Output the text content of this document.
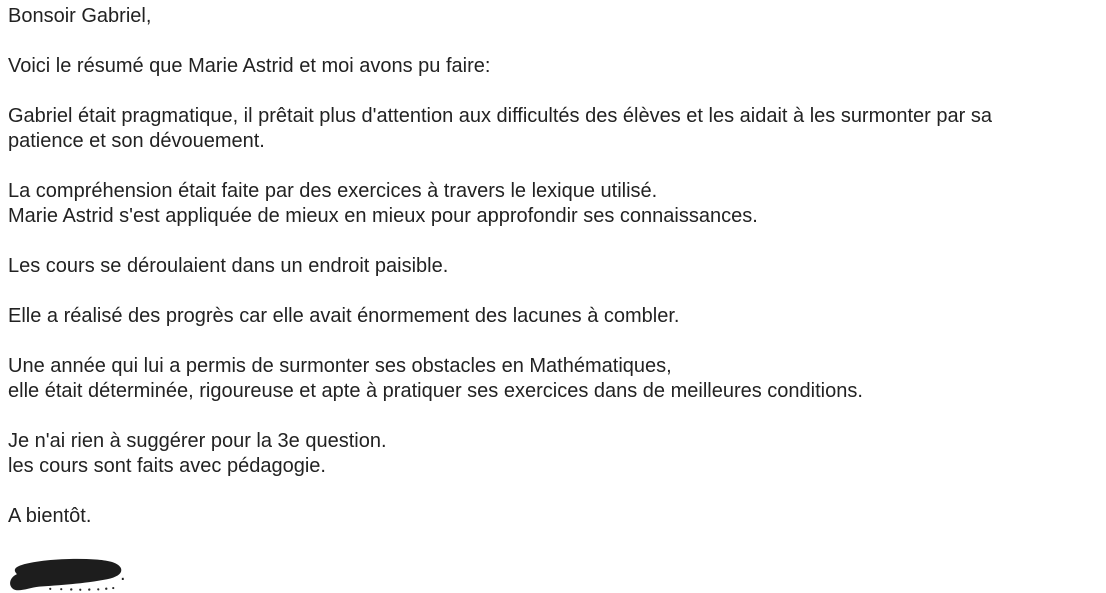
Bonsoir Gabriel,
Voici le résumé que Marie Astrid et moi avons pu faire:
Gabriel était pragmatique, il prêtait plus d'attention aux difficultés des élèves et les aidait à les surmonter par sa
patience et son dévouement.
La compréhension était faite par des exercices à travers le lexique utilisé.
Marie Astrid s'est appliquée de mieux en mieux pour approfondir ses connaissances.
Les cours se déroulaient dans un endroit paisible.
Elle a réalisé des progrès car elle avait énormement des lacunes à combler.
Une année qui lui a permis de surmonter ses obstacles en Mathématiques,
elle était déterminée, rigoureuse et apte à pratiquer ses exercices dans de meilleures conditions.
Je n'ai rien à suggérer pour la 3e question.
les cours sont faits avec pédagogie.
A bientôt.
.
